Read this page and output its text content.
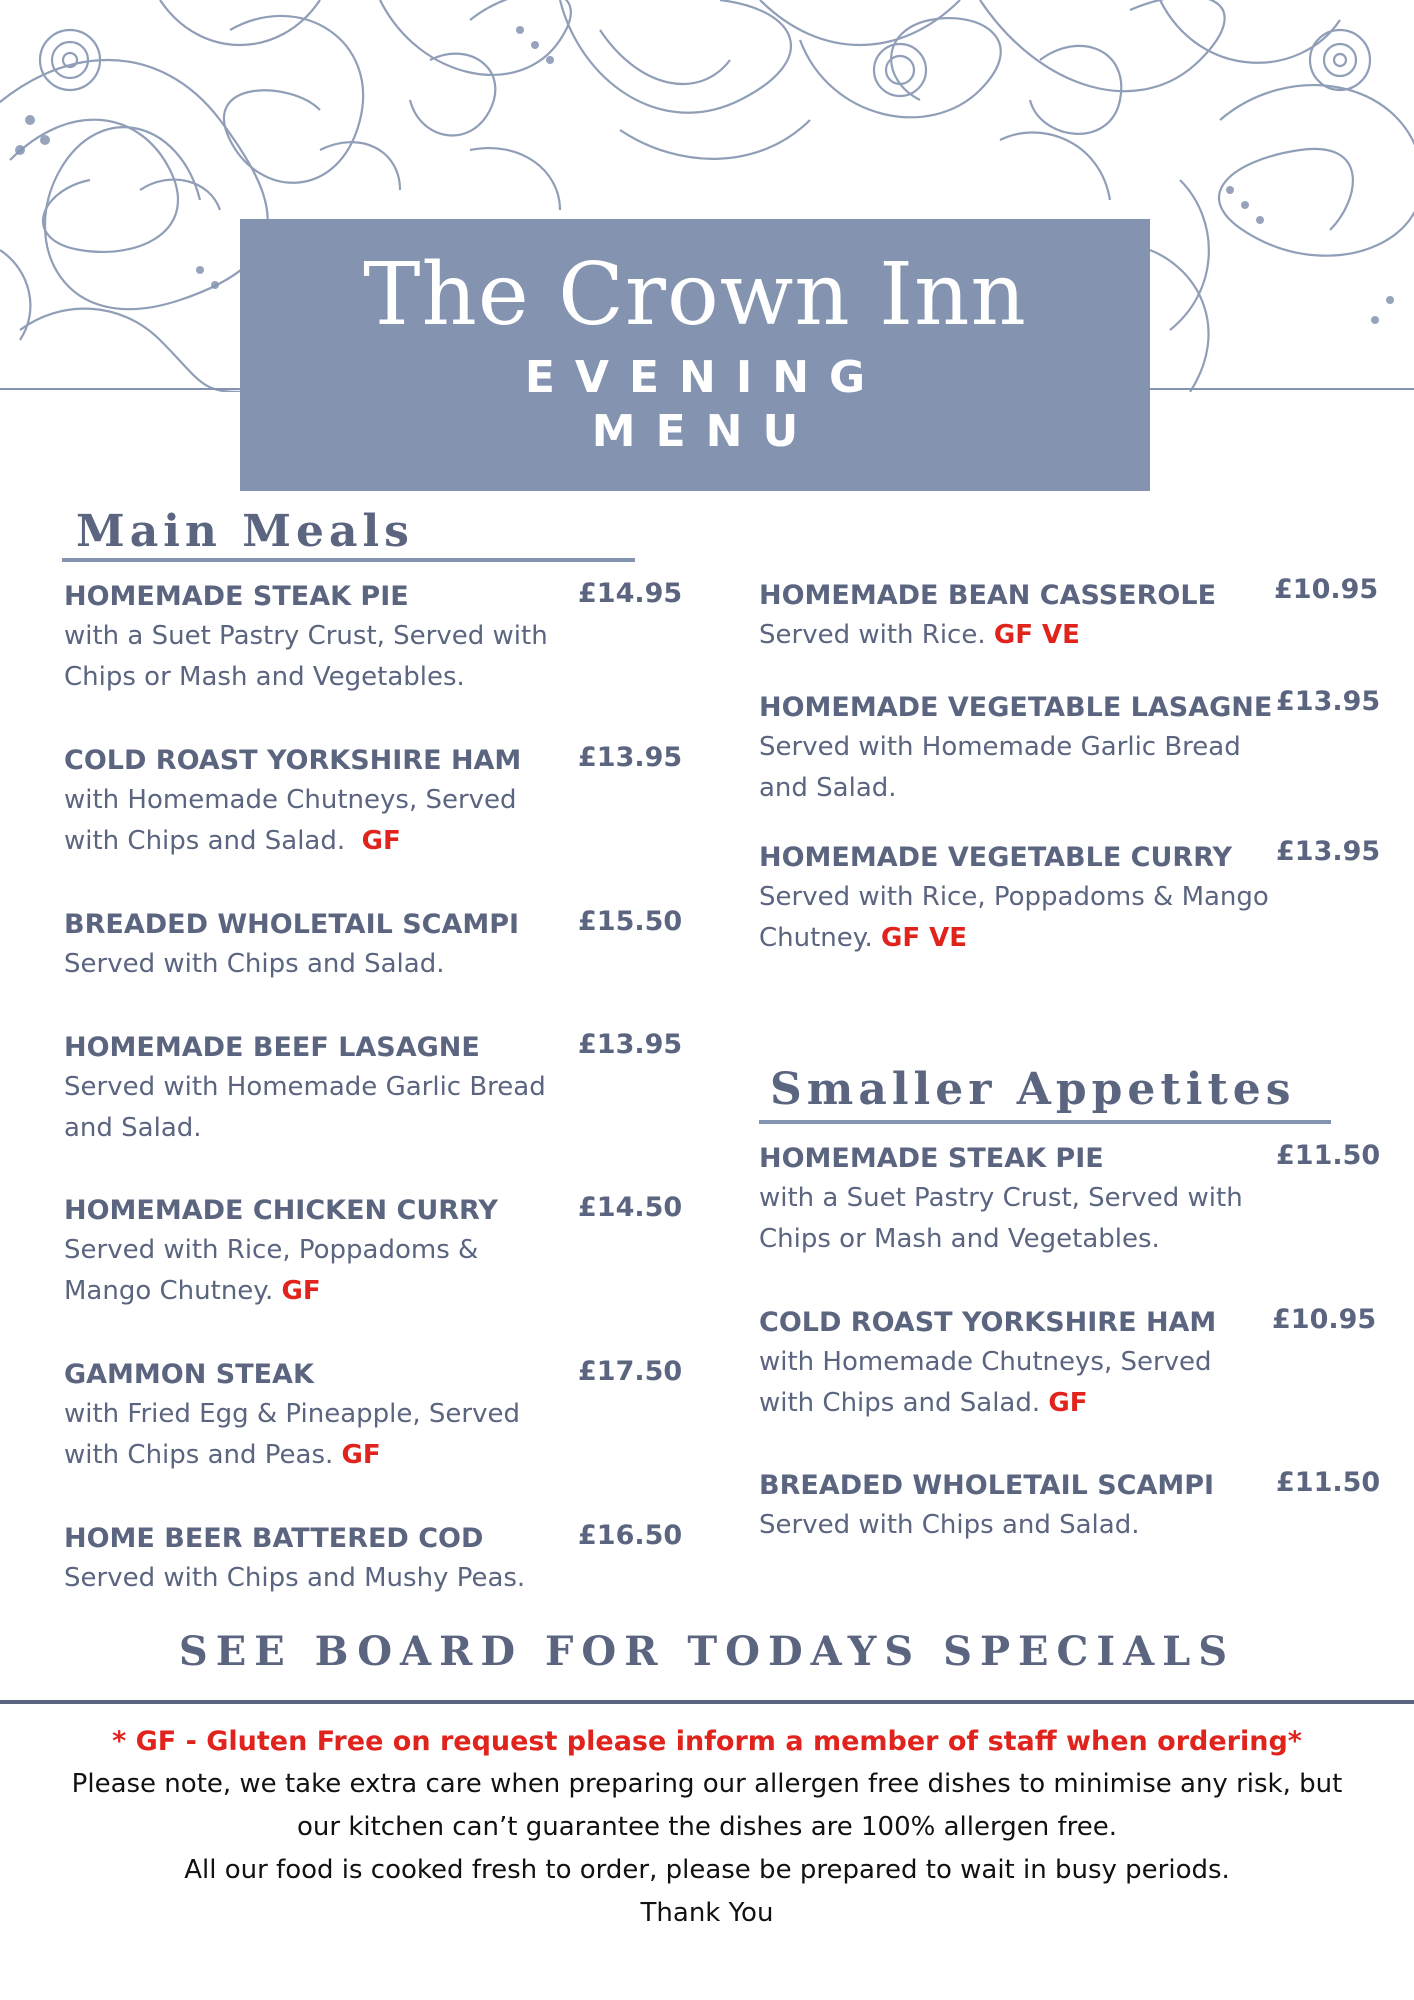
The Crown Inn
EVENING
MENU
Main Meals
HOMEMADE STEAK PIE
with a Suet Pastry Crust, Served with
Chips or Mash and Vegetables.
£14.95
COLD ROAST YORKSHIRE HAM
with Homemade Chutneys, Served
with Chips and Salad. GF
£13.95
BREADED WHOLETAIL SCAMPI
Served with Chips and Salad.
£15.50
HOMEMADE BEEF LASAGNE
Served with Homemade Garlic Bread
and Salad.
£13.95
HOMEMADE CHICKEN CURRY
Served with Rice, Poppadoms &
Mango Chutney. GF
£14.50
GAMMON STEAK
with Fried Egg & Pineapple, Served
with Chips and Peas. GF
£17.50
HOME BEER BATTERED COD
Served with Chips and Mushy Peas.
£16.50
HOMEMADE BEAN CASSEROLE
Served with Rice. GF VE
£10.95
HOMEMADE VEGETABLE LASAGNE
Served with Homemade Garlic Bread
and Salad.
£13.95
HOMEMADE VEGETABLE CURRY
Served with Rice, Poppadoms & Mango
Chutney. GF VE
£13.95
Smaller Appetites
HOMEMADE STEAK PIE
with a Suet Pastry Crust, Served with
Chips or Mash and Vegetables.
£11.50
COLD ROAST YORKSHIRE HAM
with Homemade Chutneys, Served
with Chips and Salad. GF
£10.95
BREADED WHOLETAIL SCAMPI
Served with Chips and Salad.
£11.50
SEE BOARD FOR TODAYS SPECIALS
* GF - Gluten Free on request please inform a member of staff when ordering*
Please note, we take extra care when preparing our allergen free dishes to minimise any risk, but
our kitchen can’t guarantee the dishes are 100% allergen free.
All our food is cooked fresh to order, please be prepared to wait in busy periods.
Thank You
